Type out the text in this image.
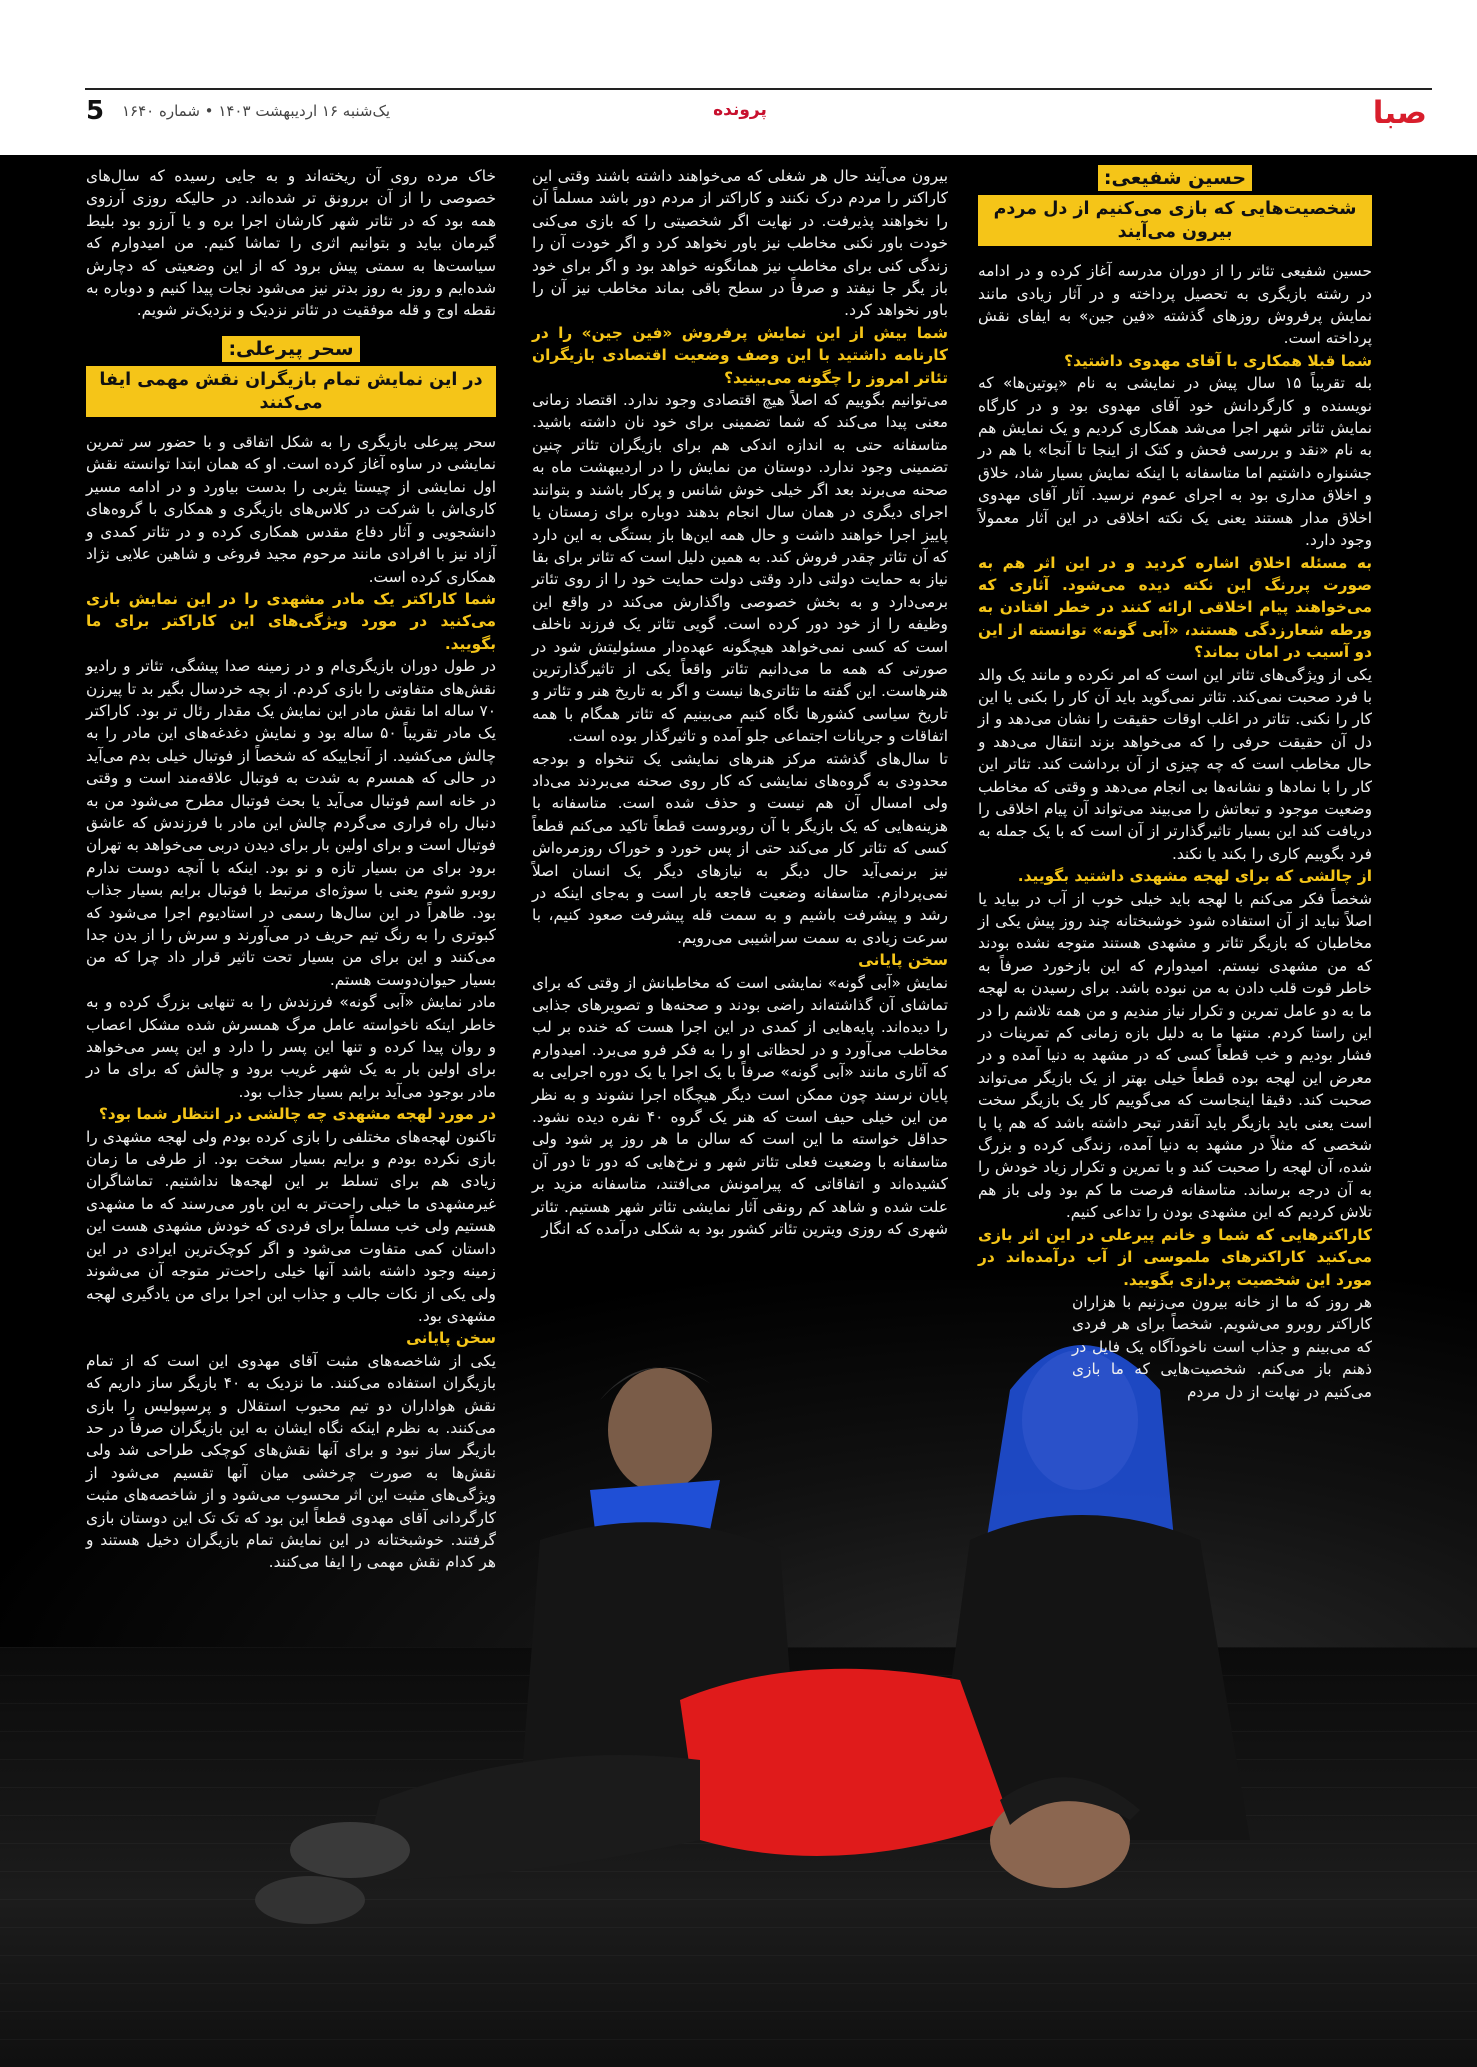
5 یک‌شنبه ۱۶ اردیبهشت ۱۴۰۳ • شماره ۱۶۴۰	پرونده	صبا
حسین شفیعی:
شخصیت‌هایی که بازی می‌کنیم از دل مردم بیرون می‌آیند

حسین شفیعی تئاتر را از دوران مدرسه آغاز کرده و در ادامه در رشته بازیگری به تحصیل پرداخته و در آثار زیادی مانند نمایش پرفروش روزهای گذشته «فین جین» به ایفای نقش پرداخته است.

شما قبلا همکاری با آقای مهدوی داشتید؟

بله تقریباً ۱۵ سال پیش در نمایشی به نام «پوتین‌ها» که نویسنده و کارگردانش خود آقای مهدوی بود و در کارگاه نمایش تئاتر شهر اجرا می‌شد همکاری کردیم و یک نمایش هم به نام «نقد و بررسی فحش و کتک از اینجا تا آنجا» با هم در جشنواره داشتیم اما متاسفانه با اینکه نمایش بسیار شاد، خلاق و اخلاق مداری بود به اجرای عموم نرسید. آثار آقای مهدوی اخلاق مدار هستند یعنی یک نکته اخلاقی در این آثار معمولاً وجود دارد.

به مسئله اخلاق اشاره کردید و در این اثر هم به صورت پررنگ این نکته دیده می‌شود. آثاری که می‌خواهند پیام اخلاقی ارائه کنند در خطر افتادن به ورطه شعارزدگی هستند، «آبی گونه» توانسته از این دو آسیب در امان بماند؟

یکی از ویژگی‌های تئاتر این است که امر نکرده و مانند یک والد با فرد صحبت نمی‌کند. تئاتر نمی‌گوید باید آن کار را بکنی یا این کار را نکنی. تئاتر در اغلب اوقات حقیقت را نشان می‌دهد و از دل آن حقیقت حرفی را که می‌خواهد بزند انتقال می‌دهد و حال مخاطب است که چه چیزی از آن برداشت کند. تئاتر این کار را با نمادها و نشانه‌ها بی انجام می‌دهد و وقتی که مخاطب وضعیت موجود و تبعاتش را می‌بیند می‌تواند آن پیام اخلاقی را دریافت کند این بسیار تاثیرگذارتر از آن است که با یک جمله به فرد بگوییم کاری را بکند یا نکند.

از چالشی که برای لهجه مشهدی داشتید بگویید.

شخصاً فکر می‌کنم با لهجه باید خیلی خوب از آب در بیاید یا اصلاً نباید از آن استفاده شود خوشبختانه چند روز پیش یکی از مخاطبان که بازیگر تئاتر و مشهدی هستند متوجه نشده بودند که من مشهدی نیستم. امیدوارم که این بازخورد صرفاً به خاطر قوت قلب دادن به من نبوده باشد. برای رسیدن به لهجه ما به دو عامل تمرین و تکرار نیاز مندیم و من همه تلاشم را در این راستا کردم. منتها ما به دلیل بازه زمانی کم تمرینات در فشار بودیم و خب قطعاً کسی که در مشهد به دنیا آمده و در معرض این لهجه بوده قطعاً خیلی بهتر از یک بازیگر می‌تواند صحبت کند. دقیقا اینجاست که می‌گوییم کار یک بازیگر سخت است یعنی باید بازیگر باید آنقدر تبحر داشته باشد که هم پا با شخصی که مثلاً در مشهد به دنیا آمده، زندگی کرده و بزرگ شده، آن لهجه را صحبت کند و با تمرین و تکرار زیاد خودش را به آن درجه برساند. متاسفانه فرصت ما کم بود ولی باز هم تلاش کردیم که این مشهدی بودن را تداعی کنیم.

کاراکترهایی که شما و خانم پیرعلی در این اثر بازی می‌کنید کاراکترهای ملموسی از آب درآمده‌اند در مورد این شخصیت پردازی بگویید.

هر روز که ما از خانه بیرون می‌زنیم با هزاران کاراکتر روبرو می‌شویم. شخصاً برای هر فردی که می‌بینم و جذاب است ناخودآگاه یک فایل در ذهنم باز می‌کنم. شخصیت‌هایی که ما بازی می‌کنیم در نهایت از دل مردم

بیرون می‌آیند حال هر شغلی که می‌خواهند داشته باشند وقتی این کاراکتر را مردم درک نکنند و کاراکتر از مردم دور باشد مسلماً آن را نخواهند پذیرفت. در نهایت اگر شخصیتی را که بازی می‌کنی خودت باور نکنی مخاطب نیز باور نخواهد کرد و اگر خودت آن را زندگی کنی برای مخاطب نیز همانگونه خواهد بود و اگر برای خود باز یگر جا نیفتد و صرفاً در سطح باقی بماند مخاطب نیز آن را باور نخواهد کرد.

شما بیش از این نمایش پرفروش «فین جین» را در کارنامه داشتید با این وصف وضعیت اقتصادی بازیگران تئاتر امروز را چگونه می‌بینید؟

می‌توانیم بگوییم که اصلاً هیچ اقتصادی وجود ندارد. اقتصاد زمانی معنی پیدا می‌کند که شما تضمینی برای خود نان داشته باشید. متاسفانه حتی به اندازه اندکی هم برای بازیگران تئاتر چنین تضمینی وجود ندارد. دوستان من نمایش را در اردیبهشت ماه به صحنه می‌برند بعد اگر خیلی خوش شانس و پرکار باشند و بتوانند اجرای دیگری در همان سال انجام بدهند دوباره برای زمستان یا پاییز اجرا خواهند داشت و حال همه این‌ها باز بستگی به این دارد که آن تئاتر چقدر فروش کند. به همین دلیل است که تئاتر برای بقا نیاز به حمایت دولتی دارد وقتی دولت حمایت خود را از روی تئاتر برمی‌دارد و به بخش خصوصی واگذارش می‌کند در واقع این وظیفه را از خود دور کرده است. گویی تئاتر یک فرزند ناخلف است که کسی نمی‌خواهد هیچگونه عهده‌دار مسئولیتش شود در صورتی که همه ما می‌دانیم تئاتر واقعاً یکی از تاثیرگذارترین هنرهاست. این گفته ما تئاتری‌ها نیست و اگر به تاریخ هنر و تئاتر و تاریخ سیاسی کشورها نگاه کنیم می‌بینیم که تئاتر همگام با همه اتفاقات و جریانات اجتماعی جلو آمده و تاثیرگذار بوده است.

تا سال‌های گذشته مرکز هنرهای نمایشی یک تنخواه و بودجه محدودی به گروه‌های نمایشی که کار روی صحنه می‌بردند می‌داد ولی امسال آن هم نیست و حذف شده است. متاسفانه با هزینه‌هایی که یک بازیگر با آن روبروست قطعاً تاکید می‌کنم قطعاً کسی که تئاتر کار می‌کند حتی از پس خورد و خوراک روزمره‌اش نیز برنمی‌آید حال دیگر به نیازهای دیگر یک انسان اصلاً نمی‌پردازم. متاسفانه وضعیت فاجعه بار است و به‌جای اینکه در رشد و پیشرفت باشیم و به سمت قله پیشرفت صعود کنیم، با سرعت زیادی به سمت سراشیبی می‌رویم.

سخن پایانی

نمایش «آبی گونه» نمایشی است که مخاطبانش از وقتی که برای تماشای آن گذاشته‌اند راضی بودند و صحنه‌ها و تصویرهای جذابی را دیده‌اند. پایه‌هایی از کمدی در این اجرا هست که خنده بر لب مخاطب می‌آورد و در لحظاتی او را به فکر فرو می‌برد. امیدوارم که آثاری مانند «آبی گونه» صرفاً با یک اجرا یا یک دوره اجرایی به پایان نرسند چون ممکن است دیگر هیچگاه اجرا نشوند و به نظر من این خیلی حیف است که هنر یک گروه ۴۰ نفره دیده نشود. حداقل خواسته ما این است که سالن ما هر روز پر شود ولی متاسفانه با وضعیت فعلی تئاتر شهر و نرخ‌هایی که دور تا دور آن کشیده‌اند و اتفاقاتی که پیرامونش می‌افتند، متاسفانه مزید بر علت شده و شاهد کم رونقی آثار نمایشی تئاتر شهر هستیم. تئاتر شهری که روزی ویترین تئاتر کشور بود به شکلی درآمده که انگار

خاک مرده روی آن ریخته‌اند و به جایی رسیده که سال‌های خصوصی را از آن بررونق تر شده‌اند. در حالیکه روزی آرزوی همه بود که در تئاتر شهر کارشان اجرا بره و یا آرزو بود بلیط گیرمان بیاید و بتوانیم اثری را تماشا کنیم. من امیدوارم که سیاست‌ها به سمتی پیش برود که از این وضعیتی که دچارش شده‌ایم و روز به روز بدتر نیز می‌شود نجات پیدا کنیم و دوباره به نقطه اوج و قله موفقیت در تئاتر نزدیک و نزدیک‌تر شویم.

سحر پیرعلی:
در این نمایش تمام بازیگران نقش مهمی ایفا می‌کنند

سحر پیرعلی بازیگری را به شکل اتفاقی و با حضور سر تمرین نمایشی در ساوه آغاز کرده است. او که همان ابتدا توانسته نقش اول نمایشی از چیستا یثربی را بدست بیاورد و در ادامه مسیر کاری‌اش با شرکت در کلاس‌های بازیگری و همکاری با گروه‌های دانشجویی و آثار دفاع مقدس همکاری کرده و در تئاتر کمدی و آزاد نیز با افرادی مانند مرحوم مجید فروغی و شاهین علایی نژاد همکاری کرده است.

شما کاراکتر یک مادر مشهدی را در این نمایش بازی می‌کنید در مورد ویژگی‌های این کاراکتر برای ما بگویید.

در طول دوران بازیگری‌ام و در زمینه صدا پیشگی، تئاتر و رادیو نقش‌های متفاوتی را بازی کردم. از بچه خردسال بگیر بد تا پیرزن ۷۰ ساله اما نقش مادر این نمایش یک مقدار رئال تر بود. کاراکتر یک مادر تقریباً ۵۰ ساله بود و نمایش دغدغه‌های این مادر را به چالش می‌کشید. از آنجاییکه که شخصاً از فوتبال خیلی بدم می‌آید در حالی که همسرم به شدت به فوتبال علاقه‌مند است و وقتی در خانه اسم فوتبال می‌آید یا بحث فوتبال مطرح می‌شود من به دنبال راه فراری می‌گردم چالش این مادر با فرزندش که عاشق فوتبال است و برای اولین بار برای دیدن دربی می‌خواهد به تهران برود برای من بسیار تازه و نو بود. اینکه با آنچه دوست ندارم روبرو شوم یعنی با سوژه‌ای مرتبط با فوتبال برایم بسیار جذاب بود. ظاهراً در این سال‌ها رسمی در استادیوم اجرا می‌شود که کبوتری را به رنگ تیم حریف در می‌آورند و سرش را از بدن جدا می‌کنند و این برای من بسیار تحت تاثیر قرار داد چرا که من بسیار حیوان‌دوست هستم.

مادر نمایش «آبی گونه» فرزندش را به تنهایی بزرگ کرده و به خاطر اینکه ناخواسته عامل مرگ همسرش شده مشکل اعصاب و روان پیدا کرده و تنها این پسر را دارد و این پسر می‌خواهد برای اولین بار به یک شهر غریب برود و چالش که برای ما در مادر بوجود می‌آید برایم بسیار جذاب بود.

در مورد لهجه مشهدی چه چالشی در انتظار شما بود؟

تاکنون لهجه‌های مختلفی را بازی کرده بودم ولی لهجه مشهدی را بازی نکرده بودم و برایم بسیار سخت بود. از طرفی ما زمان زیادی هم برای تسلط بر این لهجه‌ها نداشتیم. تماشاگران غیرمشهدی ما خیلی راحت‌تر به این باور می‌رسند که ما مشهدی هستیم ولی خب مسلماً برای فردی که خودش مشهدی هست این داستان کمی متفاوت می‌شود و اگر کوچک‌ترین ایرادی در این زمینه وجود داشته باشد آنها خیلی راحت‌تر متوجه آن می‌شوند ولی یکی از نکات جالب و جذاب این اجرا برای من یادگیری لهجه مشهدی بود.

سخن پایانی

یکی از شاخصه‌های مثبت آقای مهدوی این است که از تمام بازیگران استفاده می‌کنند. ما نزدیک به ۴۰ بازیگر ساز داریم که نقش هواداران دو تیم محبوب استقلال و پرسپولیس را بازی می‌کنند. به نظرم اینکه نگاه ایشان به این بازیگران صرفاً در حد بازیگر ساز نبود و برای آنها نقش‌های کوچکی طراحی شد ولی نقش‌ها به صورت چرخشی میان آنها تقسیم می‌شود از ویژگی‌های مثبت این اثر محسوب می‌شود و از شاخصه‌های مثبت کارگردانی آقای مهدوی قطعاً این بود که تک تک این دوستان بازی گرفتند. خوشبختانه در این نمایش تمام بازیگران دخیل هستند و هر کدام نقش مهمی را ایفا می‌کنند.
